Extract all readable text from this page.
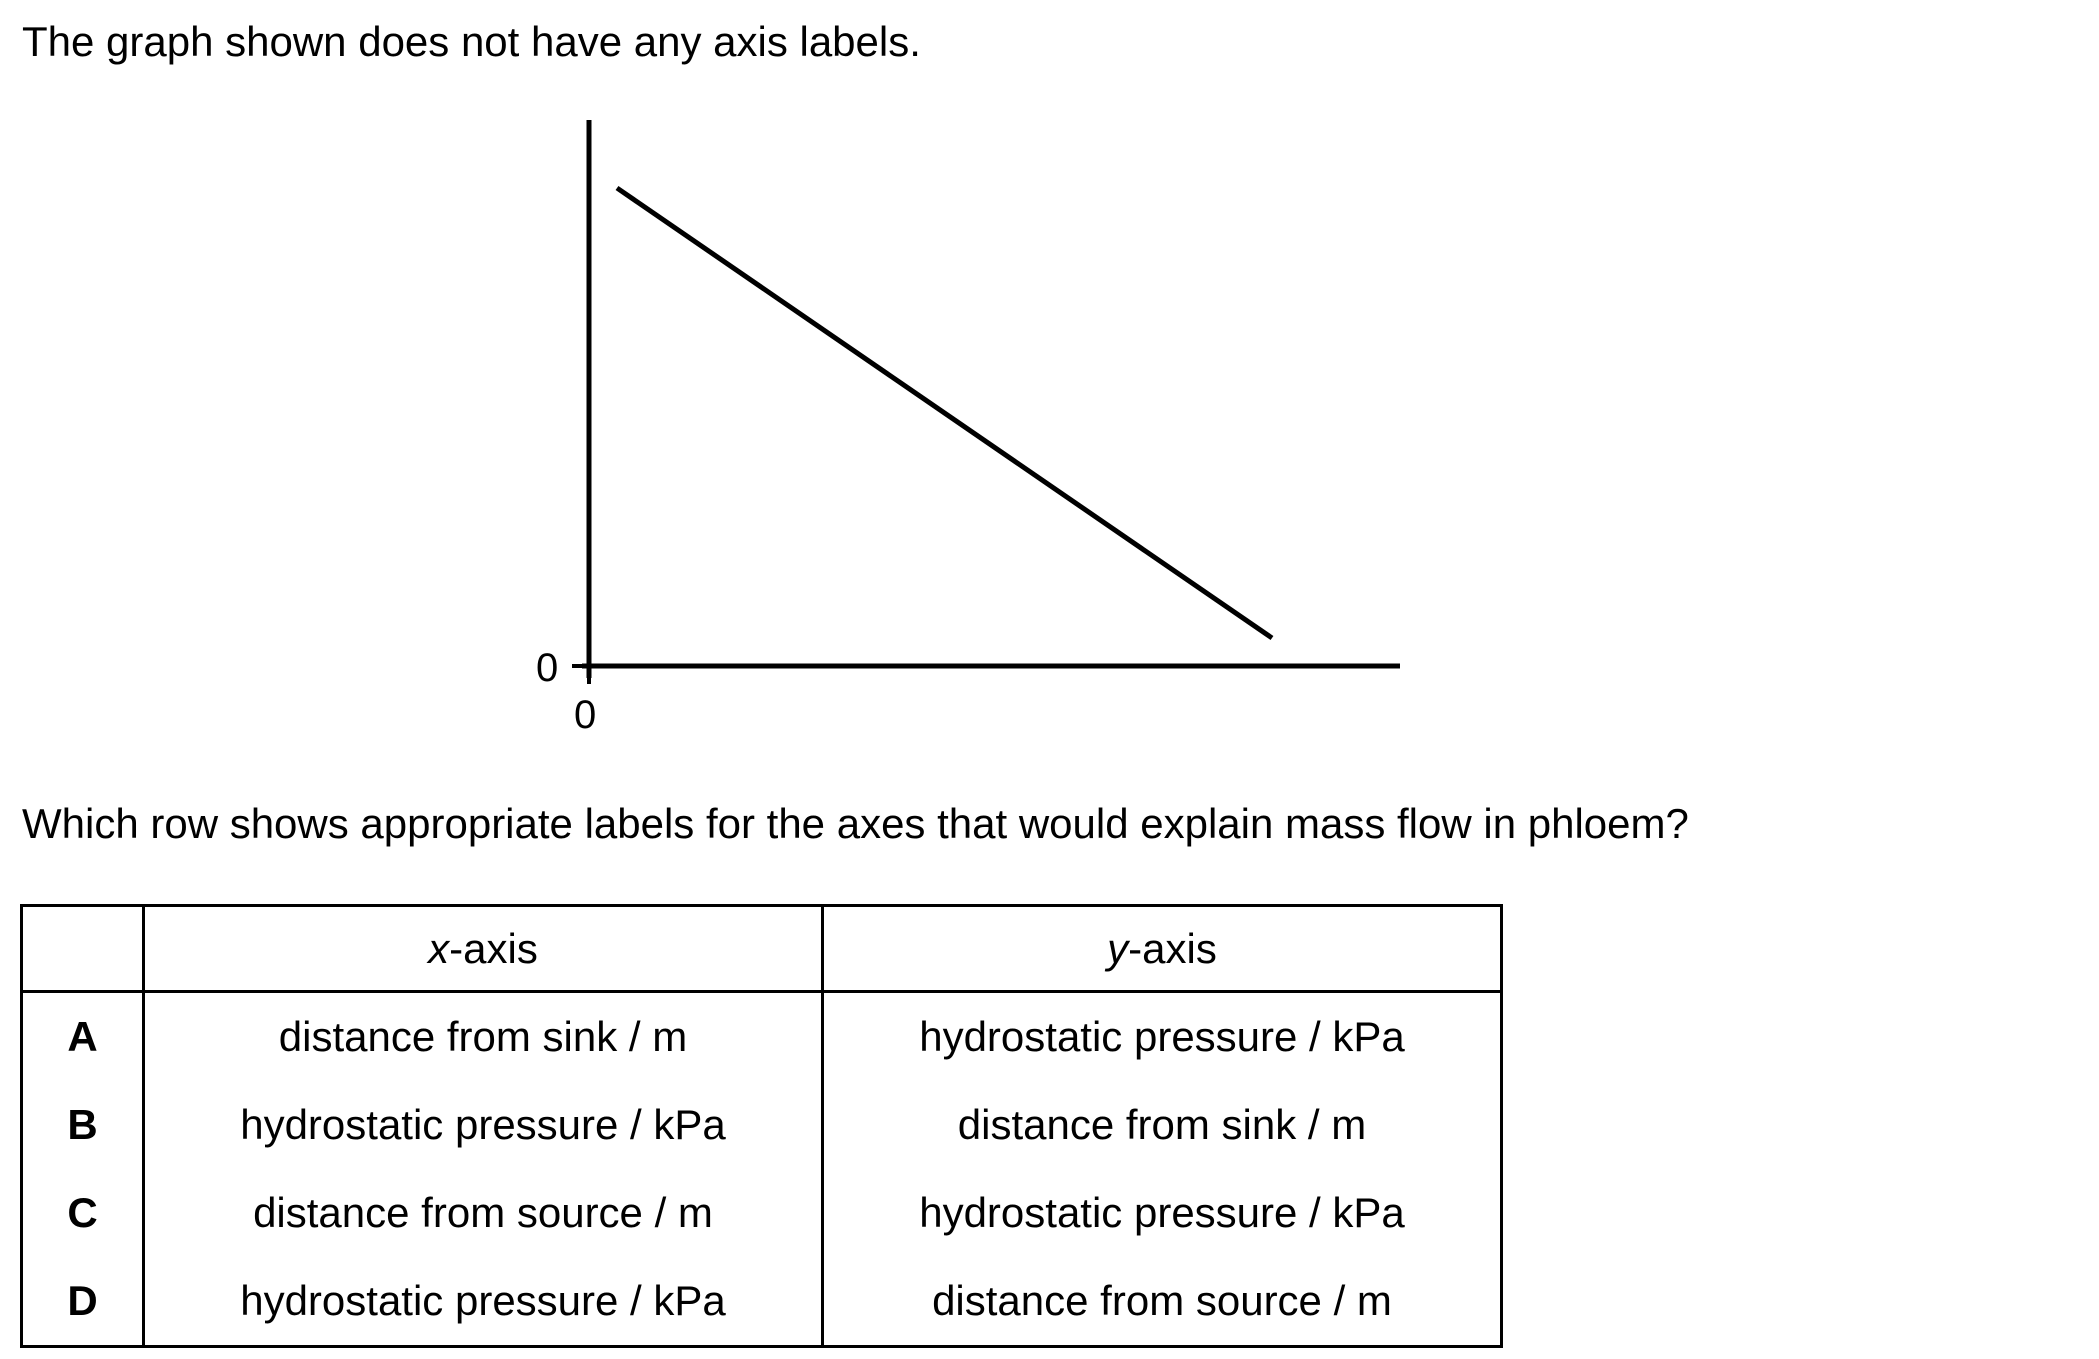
The graph shown does not have any axis labels.
0
0
Which row shows appropriate labels for the axes that would explain mass flow in phloem?
	x-axis	y-axis
A	distance from sink / m	hydrostatic pressure / kPa
B	hydrostatic pressure / kPa	distance from sink / m
C	distance from source / m	hydrostatic pressure / kPa
D	hydrostatic pressure / kPa	distance from source / m
